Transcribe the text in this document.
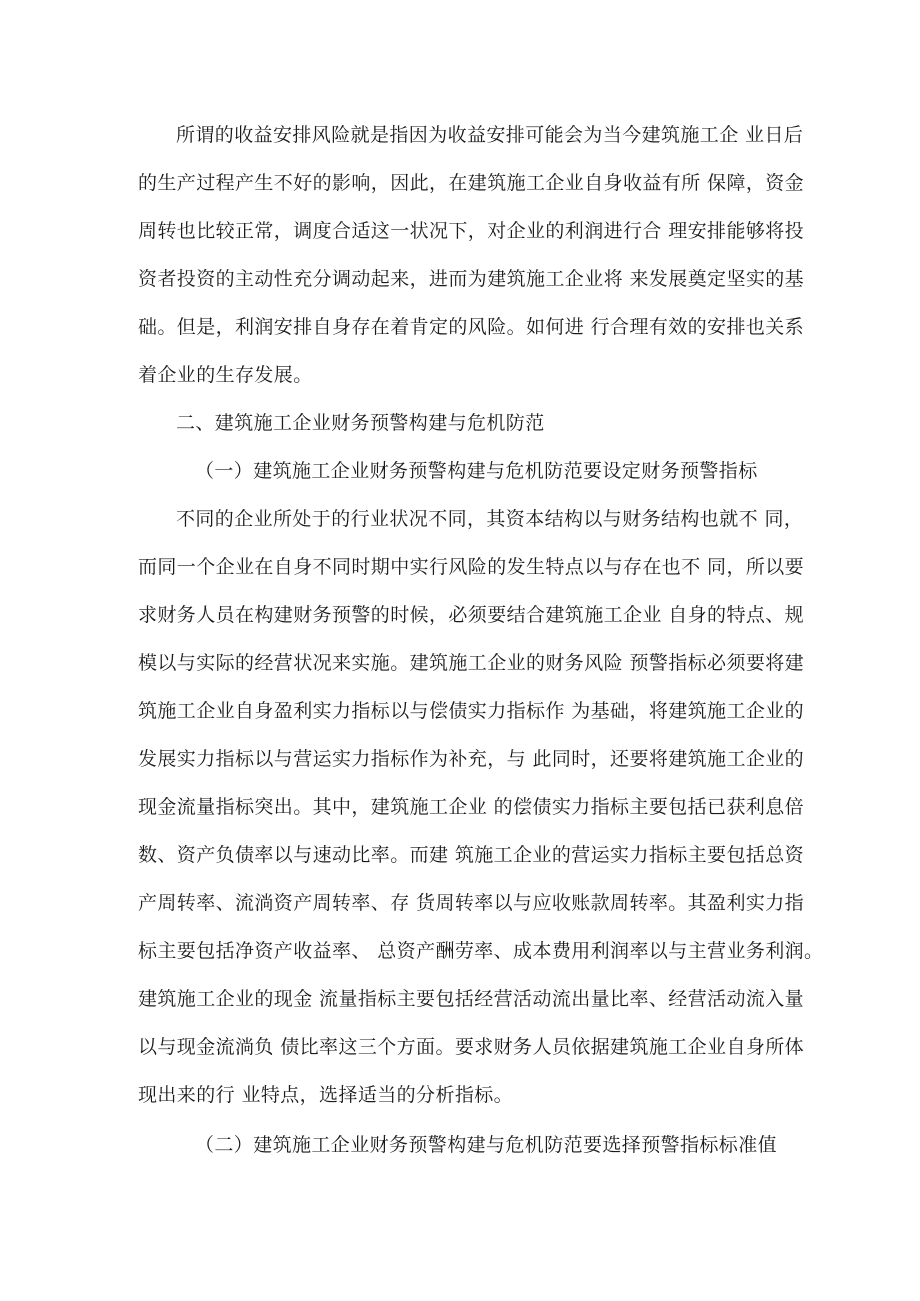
所谓的收益安排风险就是指因为收益安排可能会为当今建筑施工企 业日后
的生产过程产生不好的影响，因此，在建筑施工企业自身收益有所 保障，资金
周转也比较正常，调度合适这一状况下，对企业的利润进行合 理安排能够将投
资者投资的主动性充分调动起来，进而为建筑施工企业将 来发展奠定坚实的基
础。但是，利润安排自身存在着肯定的风险。如何进 行合理有效的安排也关系
着企业的生存发展。
二、建筑施工企业财务预警构建与危机防范
（一）建筑施工企业财务预警构建与危机防范要设定财务预警指标
不同的企业所处于的行业状况不同，其资本结构以与财务结构也就不 同，
而同一个企业在自身不同时期中实行风险的发生特点以与存在也不 同，所以要
求财务人员在构建财务预警的时候，必须要结合建筑施工企业 自身的特点、规
模以与实际的经营状况来实施。建筑施工企业的财务风险 预警指标必须要将建
筑施工企业自身盈利实力指标以与偿债实力指标作 为基础，将建筑施工企业的
发展实力指标以与营运实力指标作为补充，与 此同时，还要将建筑施工企业的
现金流量指标突出。其中，建筑施工企业 的偿债实力指标主要包括已获利息倍
数、资产负债率以与速动比率。而建 筑施工企业的营运实力指标主要包括总资
产周转率、流淌资产周转率、存 货周转率以与应收账款周转率。其盈利实力指
标主要包括净资产收益率、 总资产酬劳率、成本费用利润率以与主营业务利润。
建筑施工企业的现金 流量指标主要包括经营活动流出量比率、经营活动流入量
以与现金流淌负 债比率这三个方面。要求财务人员依据建筑施工企业自身所体
现出来的行 业特点，选择适当的分析指标。
（二）建筑施工企业财务预警构建与危机防范要选择预警指标标准值
